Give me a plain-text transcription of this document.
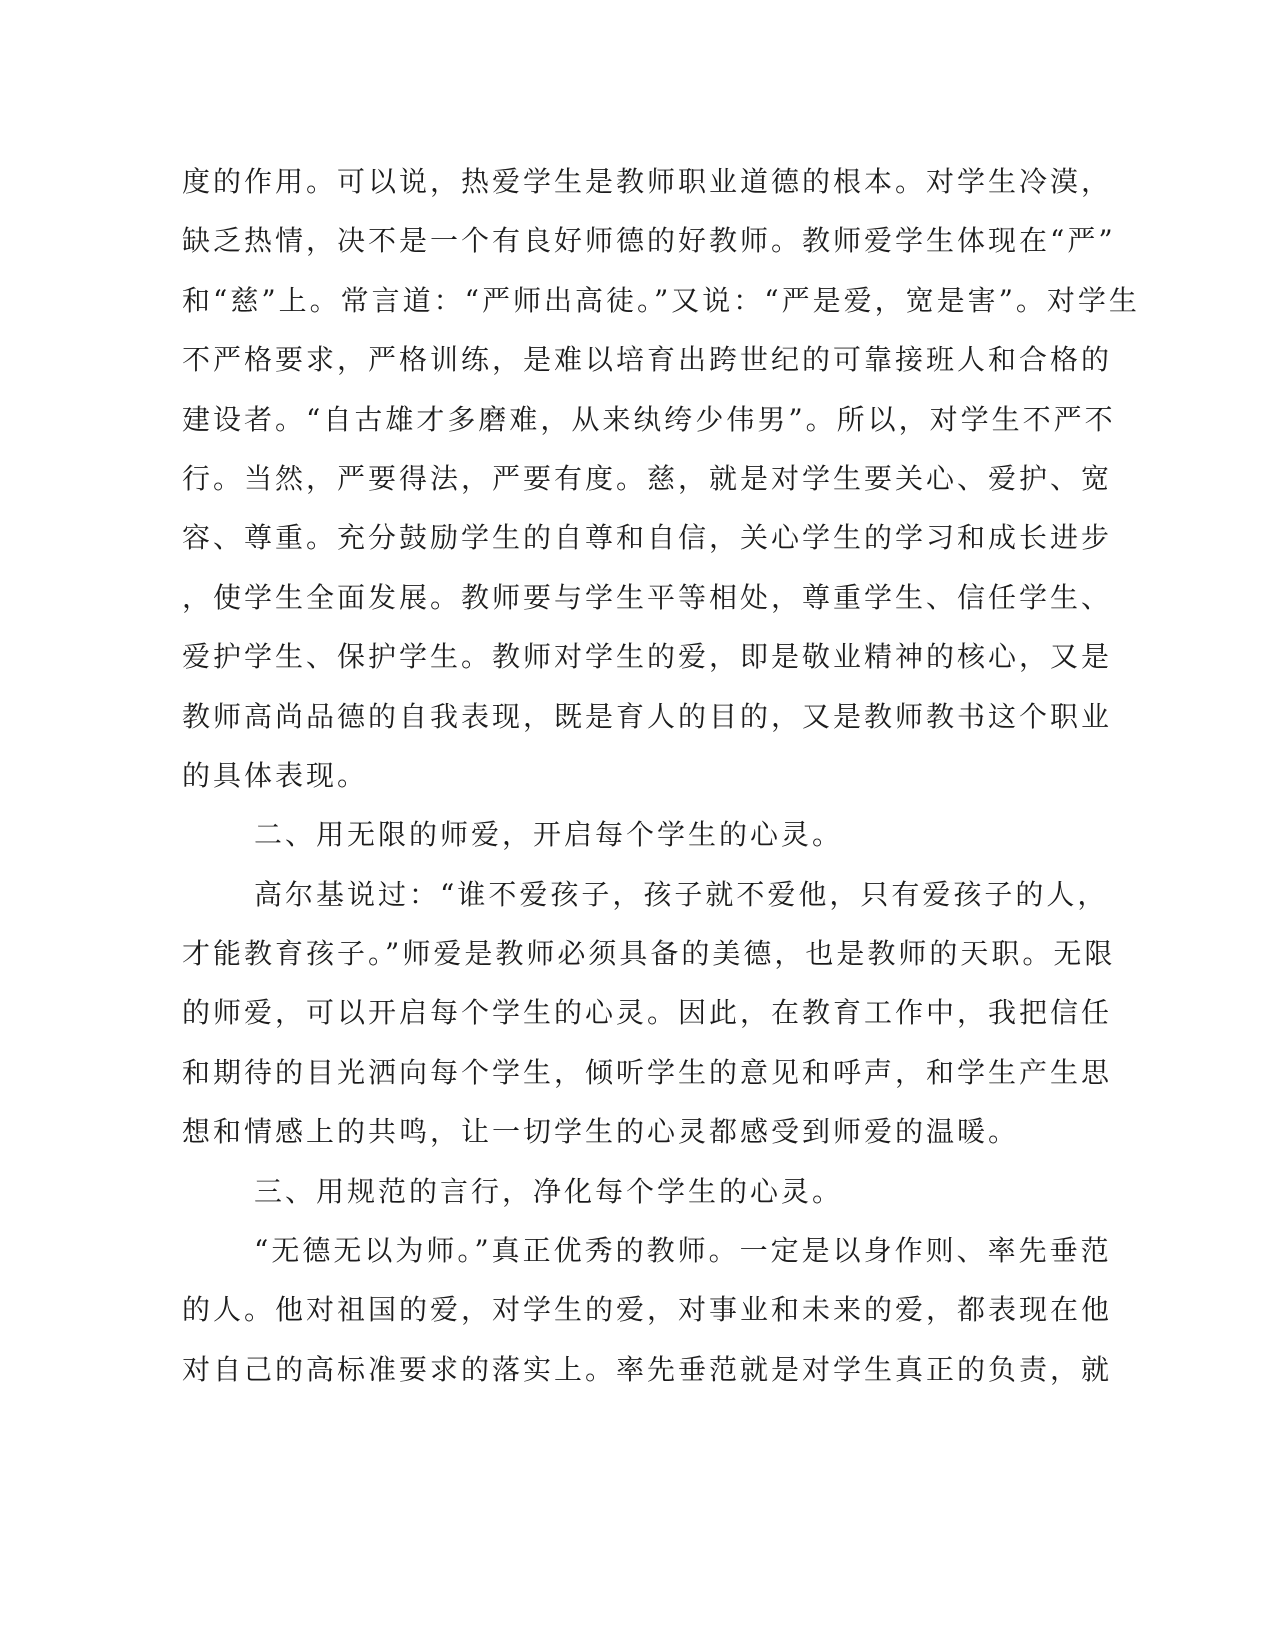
度的作用。可以说，热爱学生是教师职业道德的根本。对学生冷漠，
缺乏热情，决不是一个有良好师德的好教师。教师爱学生体现在“严”
和“慈”上。常言道：“严师出高徒。”又说：“严是爱，宽是害”。对学生
不严格要求，严格训练，是难以培育出跨世纪的可靠接班人和合格的
建设者。“自古雄才多磨难，从来纨绔少伟男”。所以，对学生不严不
行。当然，严要得法，严要有度。慈，就是对学生要关心、爱护、宽
容、尊重。充分鼓励学生的自尊和自信，关心学生的学习和成长进步
，使学生全面发展。教师要与学生平等相处，尊重学生、信任学生、
爱护学生、保护学生。教师对学生的爱，即是敬业精神的核心，又是
教师高尚品德的自我表现，既是育人的目的，又是教师教书这个职业
的具体表现。
二、用无限的师爱，开启每个学生的心灵。
高尔基说过：“谁不爱孩子，孩子就不爱他，只有爱孩子的人，
才能教育孩子。”师爱是教师必须具备的美德，也是教师的天职。无限
的师爱，可以开启每个学生的心灵。因此，在教育工作中，我把信任
和期待的目光洒向每个学生，倾听学生的意见和呼声，和学生产生思
想和情感上的共鸣，让一切学生的心灵都感受到师爱的温暖。
三、用规范的言行，净化每个学生的心灵。
“无德无以为师。”真正优秀的教师。一定是以身作则、率先垂范
的人。他对祖国的爱，对学生的爱，对事业和未来的爱，都表现在他
对自己的高标准要求的落实上。率先垂范就是对学生真正的负责，就
